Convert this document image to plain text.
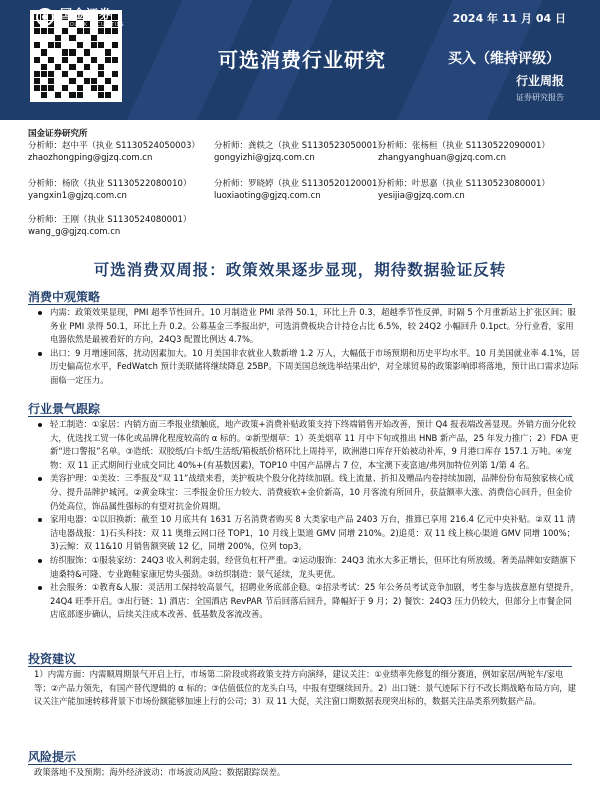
国金证券
SINOLINK SECURITIES	2024 年 11 月 04 日
可选消费行业研究	买入（维持评级）
行业周报
证券研究报告
国金证券研究所
分析师：赵中平（执业 S1130524050003）
zhaozhongping@gjzq.com.cn
分析师：龚轶之（执业 S1130523050001）
gongyizhi@gjzq.com.cn
分析师：张杨桓（执业 S1130522090001）
zhangyanghuan@gjzq.com.cn
分析师：杨欣（执业 S1130522080010）
yangxin1@gjzq.com.cn
分析师：罗晓婷（执业 S1130520120001）
luoxiaoting@gjzq.com.cn
分析师：叶思嘉（执业 S1130523080001）
yesijia@gjzq.com.cn
分析师：王刚（执业 S1130524080001）
wang_g@gjzq.com.cn
可选消费双周报：政策效果逐步显现，期待数据验证反转
消费中观策略
内需：政策效果显现，PMI 超季节性回升。10 月制造业 PMI 录得 50.1，环比上升 0.3，超越季节性反弹，时隔 5 个月重新站上扩张区间；服务业 PMI 录得 50.1，环比上升 0.2。公募基金三季报出炉，可选消费板块合计持仓占比 6.5%，较 24Q2 小幅回升 0.1pct。分行业看，家用电器依然是最被看好的方向，24Q3 配置比例达 4.7%。
出口：9 月增速回落，扰动因素加大。10 月美国非农就业人数新增 1.2 万人，大幅低于市场预期和历史平均水平。10 月美国就业率 4.1%，居历史偏高位水平，FedWatch 预计美联储将继续降息 25BP。下周美国总统选举结果出炉，对全球贸易的政策影响即将落地，预计出口需求边际面临一定压力。
行业景气跟踪
轻工制造：①家居：内销方面三季报业绩触底，地产政策+消费补贴政策支持下终端销售开始改善，预计 Q4 报表端改善显现。外销方面分化较大，优选找工贸一体化或品牌化程度较高的 α 标的。②新型烟草：1）英美烟草 11 月中下旬或推出 HNB 新产品，25 年发力推广；2）FDA 更新“进口警报”名单。③造纸：双胶纸/白卡纸/生活纸/箱板纸价格环比上周持平，欧洲港口库存开始被动补库，9 月港口库存 157.1 万吨。④宠物：双 11 正式期间行业成交同比 40%+(有基数因素)，TOP10 中国产品牌占 7 位，本宝澳下麦富迪/弗列加特位列第 1/第 4 名。
美容护理：①美妆：三季报及“双 11”战绩来看，美护板块个股分化持续加剧。线上流量、折扣及赠品内卷持续加剧，品牌份份布局独家核心成分、提升品牌护城河。②黄金珠宝：三季报金价压力较大、消费疲软+金价新高，10 月客流有所回升，获益额率大涨、消费信心回升，但金价仍处高位，饰品属性强标的有望对抗金价周期。
家用电器：①以旧换新：截至 10 月底共有 1631 万名消费者购买 8 大类家电产品 2403 万台，推算已享用 216.4 亿元中央补贴。②双 11 清洁电器战报：1)石头科技：双 11 奥维云网口径 TOP1，10 月线上渠道 GMV 同增 210%。2)追觅：双 11 线上核心渠道 GMV 同增 100%；3)云鲸：双 11&10 月销售额突破 12 亿，同增 200%，位列 top3。
纺织服饰：①服装家纺：24Q3 收入利润走弱，经营负杠杆严重。②运动服饰：24Q3 流水大多正增长，但环比有所放缓。奢美品牌如安踏旗下迪桑特&可隆、专业跑鞋家康尼势头强劲。③纺织制造：景气延续，龙头更优。
社会服务：①教育&人服：灵活用工保持较高景气，招聘业务底部企稳。②招录考试：25 年公务员考试竞争加剧，考生参与选拔意愿有望提升，24Q4 旺季开启。③出行链：1) 酒店：全国酒店 RevPAR 节后回落后回升，降幅好于 9 月；2) 餐饮：24Q3 压力仍较大，但部分上市餐企同店底部逐步确认，后续关注成本改善、低基数及客流改善。
投资建议
1）内需方面：内需顺周期景气开启上行，市场第二阶段或将政策支持方向演绎，建议关注：①业绩率先修复的细分赛道，例如家居/两轮车/家电等；②产品力领先，有国产替代逻辑的 α 标的；③估值低位的龙头白马，中报有望继续回升。2）出口链：景气迹际下行不改长期战略布局方向，建议关注产能加速转移背景下市场份额能够加速上行的公司；3）双 11 大促，关注窗口期数据表现突出标的，数据关注品类系列数据产品。
风险提示
政策落地不及预期；海外经济波动；市场波动风险；数据跟踪误差。
